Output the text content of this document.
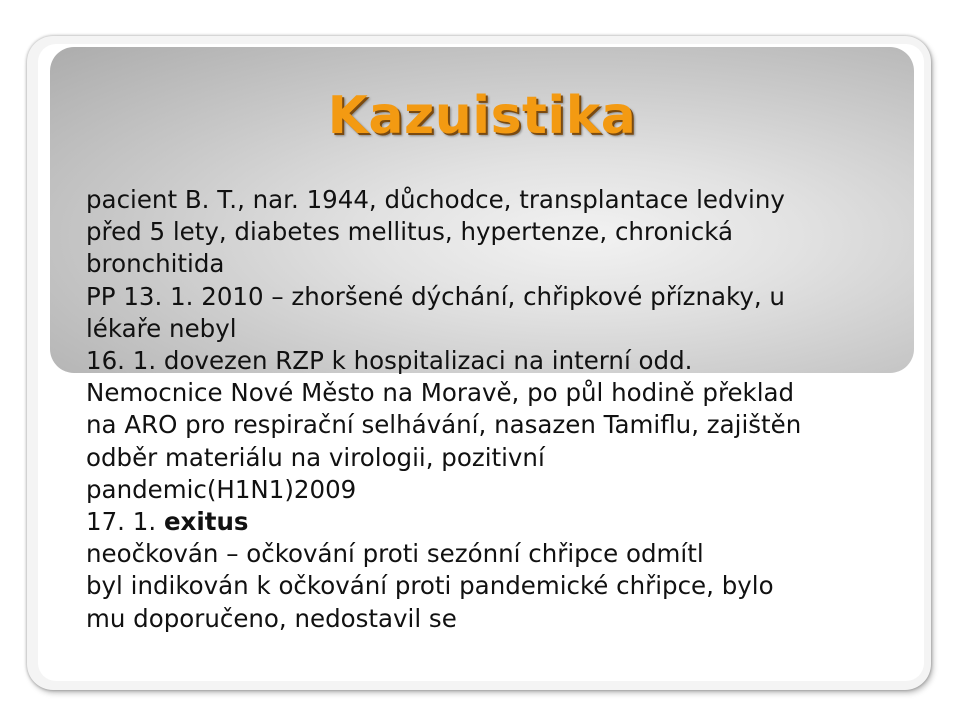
Kazuistika
pacient B. T., nar. 1944, důchodce, transplantace ledviny
před 5 lety, diabetes mellitus, hypertenze, chronická
bronchitida
PP 13. 1. 2010 – zhoršené dýchání, chřipkové příznaky, u
lékaře nebyl
16. 1. dovezen RZP k hospitalizaci na interní odd.
Nemocnice Nové Město na Moravě, po půl hodině překlad
na ARO pro respirační selhávání, nasazen Tamiflu, zajištěn
odběr materiálu na virologii, pozitivní
pandemic(H1N1)2009
17. 1. exitus
neočkován – očkování proti sezónní chřipce odmítl
byl indikován k očkování proti pandemické chřipce, bylo
mu doporučeno, nedostavil se
